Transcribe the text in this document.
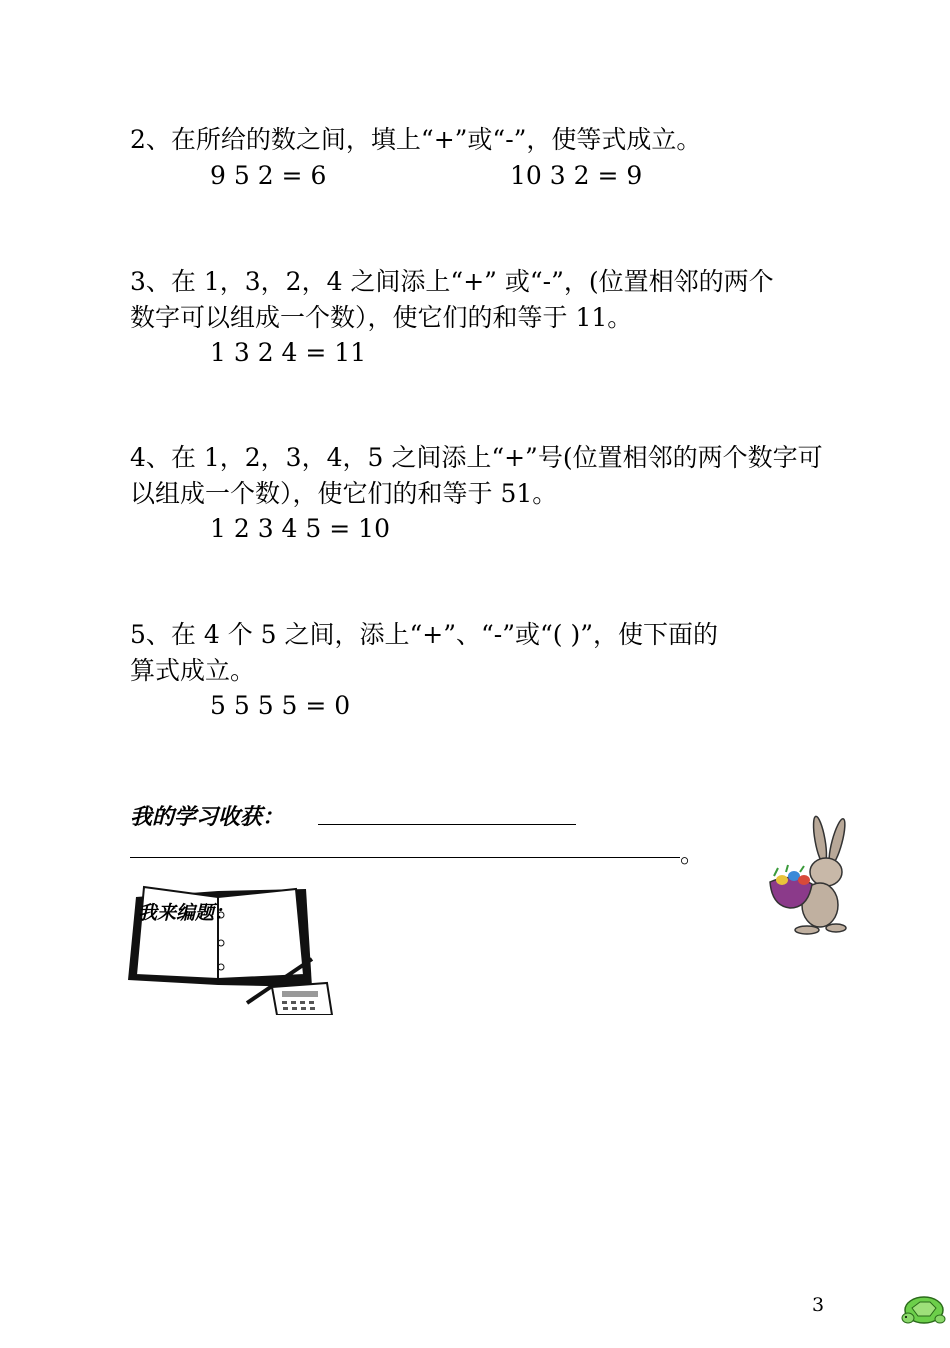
2、在所给的数之间，填上“+”或“-”，使等式成立。
9 5 2 = 6	10 3 2 = 9
3、在 1，3，2，4 之间添上“+” 或“-”，(位置相邻的两个
数字可以组成一个数），使它们的和等于 11。
1 3 2 4 = 11
4、在 1，2，3，4，5 之间添上“+”号(位置相邻的两个数字可
以组成一个数），使它们的和等于 51。
1 2 3 4 5 = 10
5、在 4 个 5 之间，添上“+”、“-”或“( )”，使下面的
算式成立。
5 5 5 5 = 0
我的学习收获：
。
我来编题：
3
